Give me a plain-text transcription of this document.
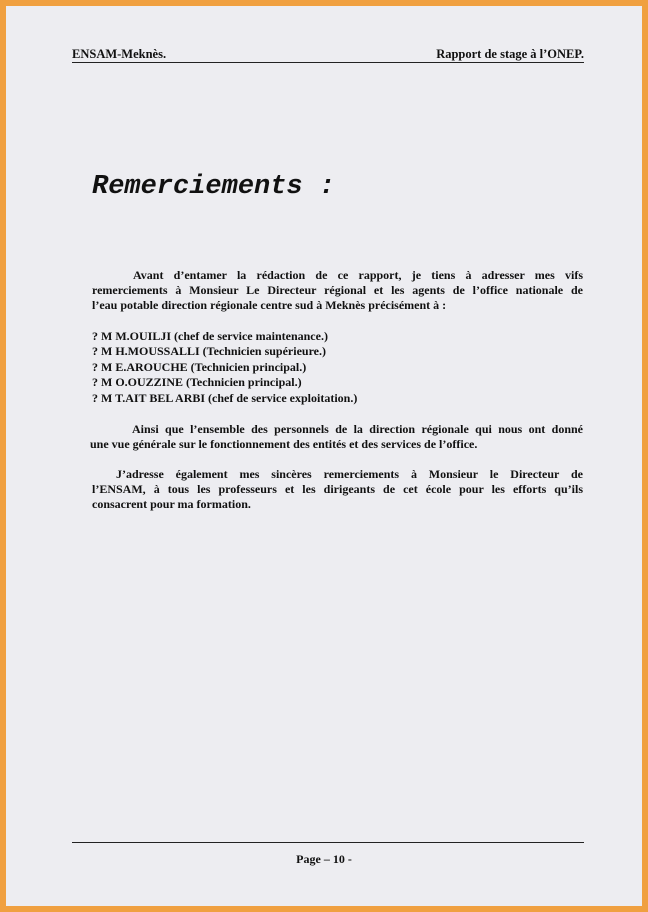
ENSAM-Meknès.	Rapport de stage à l’ONEP.
Remerciements :
Avant d’entamer la rédaction de ce rapport, je tiens à adresser mes vifs
remerciements à Monsieur Le Directeur régional et les agents de l’office nationale de
l’eau potable direction régionale centre sud à Meknès précisément à :
? M M.OUILJI (chef de service maintenance.)
? M H.MOUSSALLI (Technicien supérieure.)
? M E.AROUCHE (Technicien principal.)
? M O.OUZZINE (Technicien principal.)
? M T.AIT BEL ARBI (chef de service exploitation.)
Ainsi que l’ensemble des personnels de la direction régionale qui nous ont donné
une vue générale sur le fonctionnement des entités et des services de l’office.
J’adresse également mes sincères remerciements à Monsieur le Directeur de
l’ENSAM, à tous les professeurs et les dirigeants de cet école pour les efforts qu’ils
consacrent pour ma formation.
Page – 10 -
